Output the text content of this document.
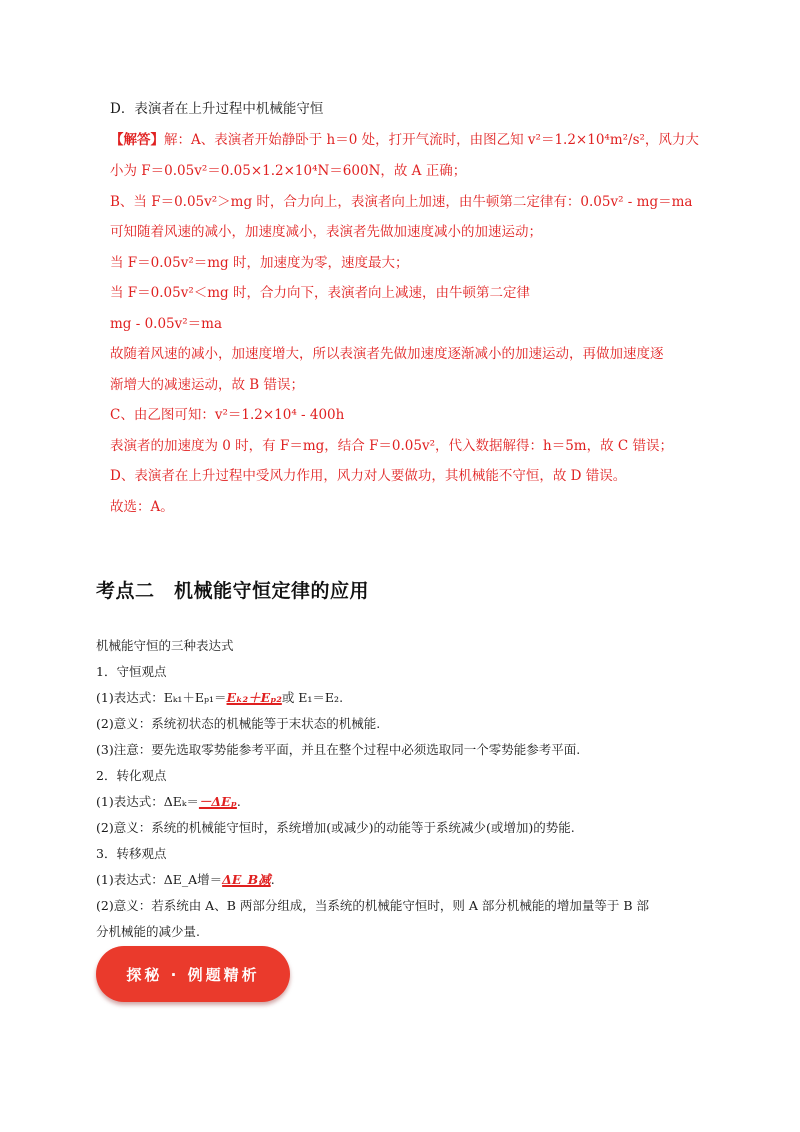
D．表演者在上升过程中机械能守恒
【解答】解：A、表演者开始静卧于 h＝0 处，打开气流时，由图乙知 v²＝1.2×10⁴m²/s²，风力大
小为 F＝0.05v²＝0.05×1.2×10⁴N＝600N，故 A 正确；
B、当 F＝0.05v²＞mg 时，合力向上，表演者向上加速，由牛顿第二定律有：0.05v² - mg＝ma
可知随着风速的减小，加速度减小，表演者先做加速度减小的加速运动；
当 F＝0.05v²＝mg 时，加速度为零，速度最大；
当 F＝0.05v²＜mg 时，合力向下，表演者向上减速，由牛顿第二定律
mg - 0.05v²＝ma
故随着风速的减小，加速度增大，所以表演者先做加速度逐渐减小的加速运动，再做加速度逐
渐增大的减速运动，故 B 错误；
C、由乙图可知：v²＝1.2×10⁴ - 400h
表演者的加速度为 0 时，有 F＝mg，结合 F＝0.05v²，代入数据解得：h＝5m，故 C 错误；
D、表演者在上升过程中受风力作用，风力对人要做功，其机械能不守恒，故 D 错误。
故选：A。
考点二　机械能守恒定律的应用
机械能守恒的三种表达式
1．守恒观点
(1)表达式：Eₖ₁＋Eₚ₁＝Eₖ₂＋Eₚ₂或 E₁＝E₂.
(2)意义：系统初状态的机械能等于末状态的机械能.
(3)注意：要先选取零势能参考平面，并且在整个过程中必须选取同一个零势能参考平面.
2．转化观点
(1)表达式：ΔEₖ＝－ΔEₚ.
(2)意义：系统的机械能守恒时，系统增加(或减少)的动能等于系统减少(或增加)的势能.
3．转移观点
(1)表达式：ΔE_A增＝ΔE_B减.
(2)意义：若系统由 A、B 两部分组成，当系统的机械能守恒时，则 A 部分机械能的增加量等于 B 部
分机械能的减少量.
探秘 · 例题精析
